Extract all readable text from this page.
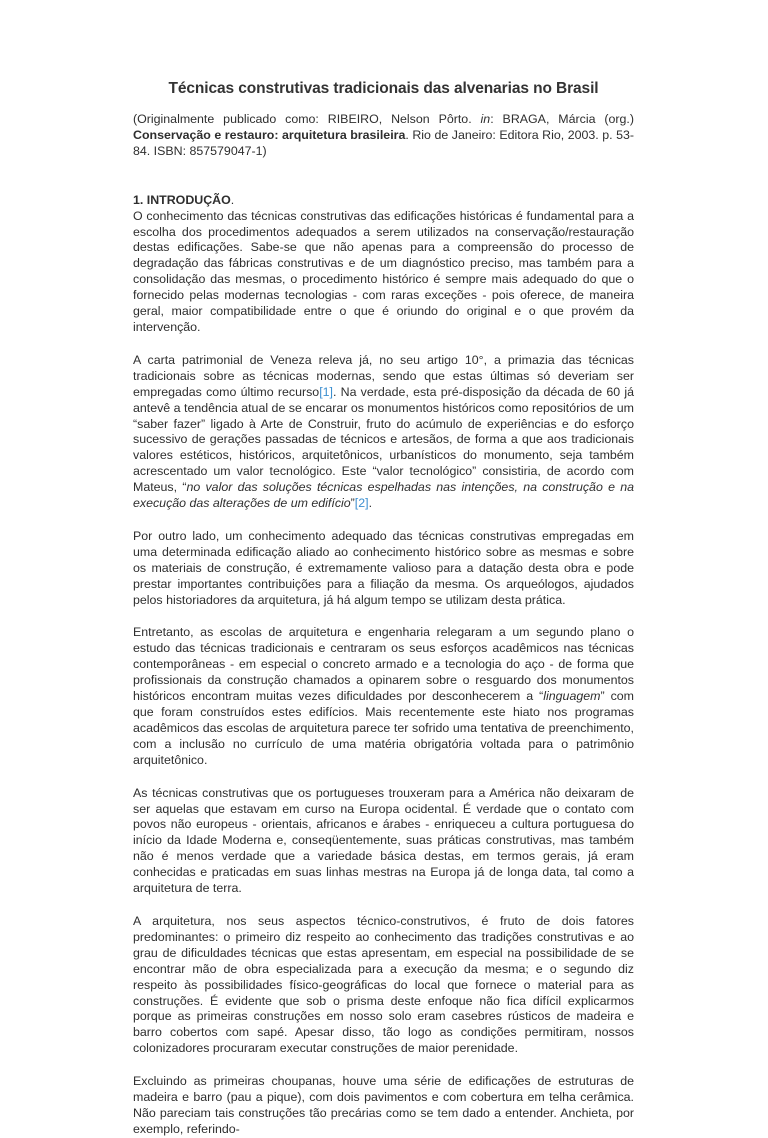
Técnicas construtivas tradicionais das alvenarias no Brasil

(Originalmente publicado como: RIBEIRO, Nelson Pôrto. in: BRAGA, Márcia (org.) Conservação e restauro: arquitetura brasileira. Rio de Janeiro: Editora Rio, 2003. p. 53-84. ISBN: 857579047-1)

1. INTRODUÇÃO.
O conhecimento das técnicas construtivas das edificações históricas é fundamental para a escolha dos procedimentos adequados a serem utilizados na conservação/restauração destas edificações. Sabe-se que não apenas para a compreensão do processo de degradação das fábricas construtivas e de um diagnóstico preciso, mas também para a consolidação das mesmas, o procedimento histórico é sempre mais adequado do que o fornecido pelas modernas tecnologias - com raras exceções - pois oferece, de maneira geral, maior compatibilidade entre o que é oriundo do original e o que provém da intervenção.

A carta patrimonial de Veneza releva já, no seu artigo 10°, a primazia das técnicas tradicionais sobre as técnicas modernas, sendo que estas últimas só deveriam ser empregadas como último recurso[1]. Na verdade, esta pré-disposição da década de 60 já antevê a tendência atual de se encarar os monumentos históricos como repositórios de um “saber fazer” ligado à Arte de Construir, fruto do acúmulo de experiências e do esforço sucessivo de gerações passadas de técnicos e artesãos, de forma a que aos tradicionais valores estéticos, históricos, arquitetônicos, urbanísticos do monumento, seja também acrescentado um valor tecnológico. Este “valor tecnológico” consistiria, de acordo com Mateus, “no valor das soluções técnicas espelhadas nas intenções, na construção e na execução das alterações de um edifício”[2].

Por outro lado, um conhecimento adequado das técnicas construtivas empregadas em uma determinada edificação aliado ao conhecimento histórico sobre as mesmas e sobre os materiais de construção, é extremamente valioso para a datação desta obra e pode prestar importantes contribuições para a filiação da mesma. Os arqueólogos, ajudados pelos historiadores da arquitetura, já há algum tempo se utilizam desta prática.

Entretanto, as escolas de arquitetura e engenharia relegaram a um segundo plano o estudo das técnicas tradicionais e centraram os seus esforços acadêmicos nas técnicas contemporâneas - em especial o concreto armado e a tecnologia do aço - de forma que profissionais da construção chamados a opinarem sobre o resguardo dos monumentos históricos encontram muitas vezes dificuldades por desconhecerem a “linguagem” com que foram construídos estes edifícios. Mais recentemente este hiato nos programas acadêmicos das escolas de arquitetura parece ter sofrido uma tentativa de preenchimento, com a inclusão no currículo de uma matéria obrigatória voltada para o patrimônio arquitetônico.

As técnicas construtivas que os portugueses trouxeram para a América não deixaram de ser aquelas que estavam em curso na Europa ocidental. É verdade que o contato com povos não europeus - orientais, africanos e árabes - enriqueceu a cultura portuguesa do início da Idade Moderna e, conseqüentemente, suas práticas construtivas, mas também não é menos verdade que a variedade básica destas, em termos gerais, já eram conhecidas e praticadas em suas linhas mestras na Europa já de longa data, tal como a arquitetura de terra.

A arquitetura, nos seus aspectos técnico-construtivos, é fruto de dois fatores predominantes: o primeiro diz respeito ao conhecimento das tradições construtivas e ao grau de dificuldades técnicas que estas apresentam, em especial na possibilidade de se encontrar mão de obra especializada para a execução da mesma; e o segundo diz respeito às possibilidades físico-geográficas do local que fornece o material para as construções. É evidente que sob o prisma deste enfoque não fica difícil explicarmos porque as primeiras construções em nosso solo eram casebres rústicos de madeira e barro cobertos com sapé. Apesar disso, tão logo as condições permitiram, nossos colonizadores procuraram executar construções de maior perenidade.

Excluindo as primeiras choupanas, houve uma série de edificações de estruturas de madeira e barro (pau a pique), com dois pavimentos e com cobertura em telha cerâmica. Não pareciam tais construções tão precárias como se tem dado a entender. Anchieta, por exemplo, referindo-
